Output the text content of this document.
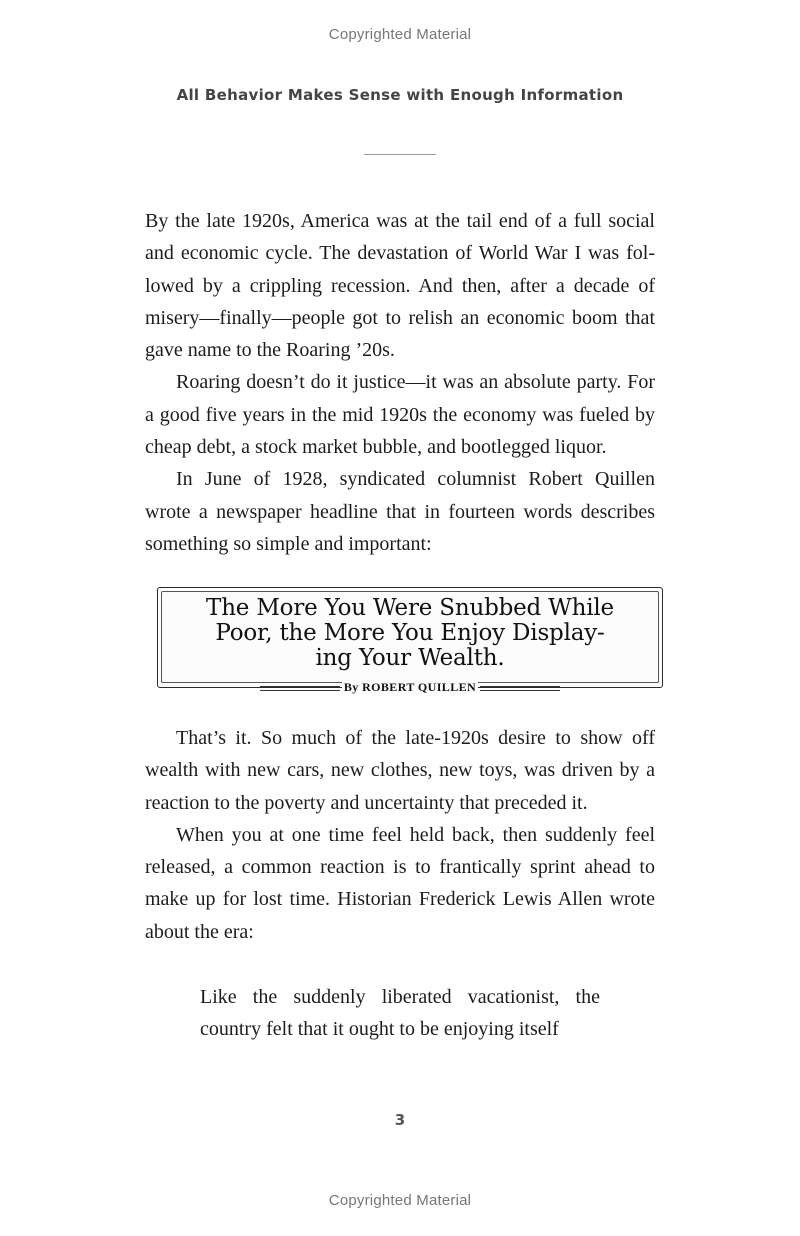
Copyrighted Material
All Behavior Makes Sense with Enough Information

By the late 1920s, America was at the tail end of a full social and economic cycle. The devastation of World War I was followed by a crippling recession. And then, after a decade of misery—finally—people got to relish an economic boom that gave name to the Roaring ’20s.

Roaring doesn’t do it justice—it was an absolute party. For a good five years in the mid 1920s the economy was fueled by cheap debt, a stock market bubble, and bootlegged liquor.

In June of 1928, syndicated columnist Robert Quillen wrote a newspaper headline that in fourteen words describes something so simple and important:

The More You Were Snubbed While
Poor, the More You Enjoy Display-
ing Your Wealth.
By ROBERT QUILLEN

That’s it. So much of the late-1920s desire to show off wealth with new cars, new clothes, new toys, was driven by a reaction to the poverty and uncertainty that preceded it.

When you at one time feel held back, then suddenly feel released, a common reaction is to frantically sprint ahead to make up for lost time. Historian Frederick Lewis Allen wrote about the era:

Like the suddenly liberated vacationist, the country felt that it ought to be enjoying itself

3
Copyrighted Material
